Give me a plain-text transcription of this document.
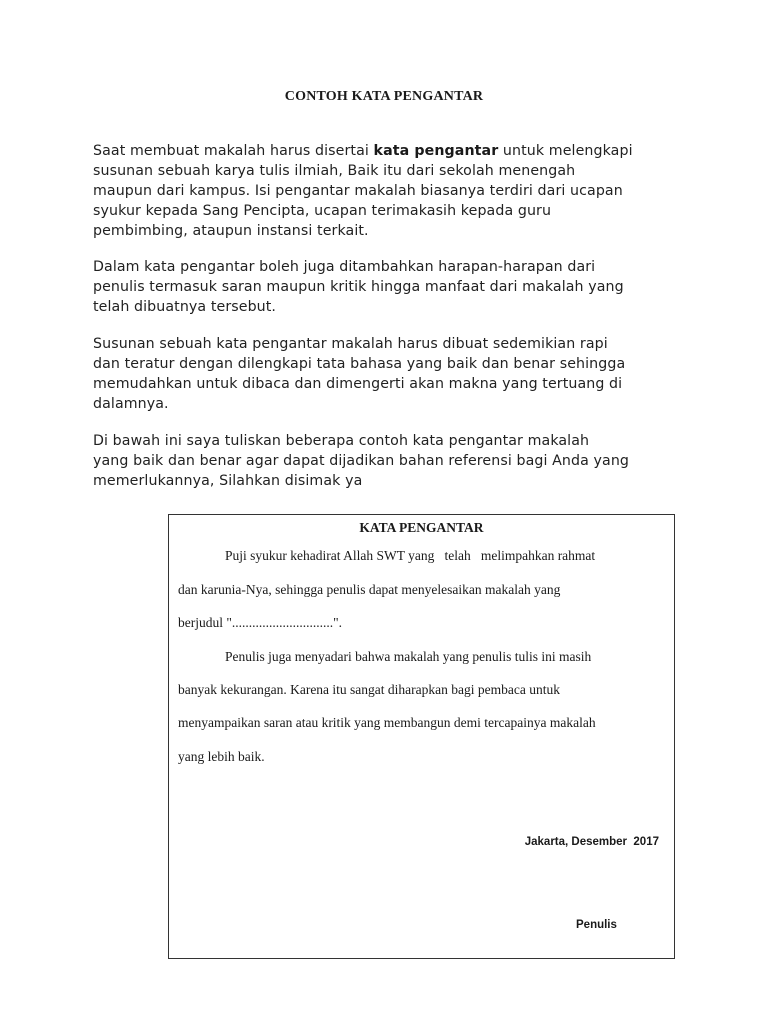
CONTOH KATA PENGANTAR

Saat membuat makalah harus disertai kata pengantar untuk melengkapi
susunan sebuah karya tulis ilmiah, Baik itu dari sekolah menengah
maupun dari kampus. Isi pengantar makalah biasanya terdiri dari ucapan
syukur kepada Sang Pencipta, ucapan terimakasih kepada guru
pembimbing, ataupun instansi terkait.

Dalam kata pengantar boleh juga ditambahkan harapan-harapan dari
penulis termasuk saran maupun kritik hingga manfaat dari makalah yang
telah dibuatnya tersebut.

Susunan sebuah kata pengantar makalah harus dibuat sedemikian rapi
dan teratur dengan dilengkapi tata bahasa yang baik dan benar sehingga
memudahkan untuk dibaca dan dimengerti akan makna yang tertuang di
dalamnya.

Di bawah ini saya tuliskan beberapa contoh kata pengantar makalah
yang baik dan benar agar dapat dijadikan bahan referensi bagi Anda yang
memerlukannya, Silahkan disimak ya

KATA PENGANTAR

Puji syukur kehadirat Allah SWT yang   telah   melimpahkan rahmat

dan karunia-Nya, sehingga penulis dapat menyelesaikan makalah yang

berjudul "..............................".

Penulis juga menyadari bahwa makalah yang penulis tulis ini masih

banyak kekurangan. Karena itu sangat diharapkan bagi pembaca untuk

menyampaikan saran atau kritik yang membangun demi tercapainya makalah

yang lebih baik.

Jakarta, Desember  2017
Penulis
